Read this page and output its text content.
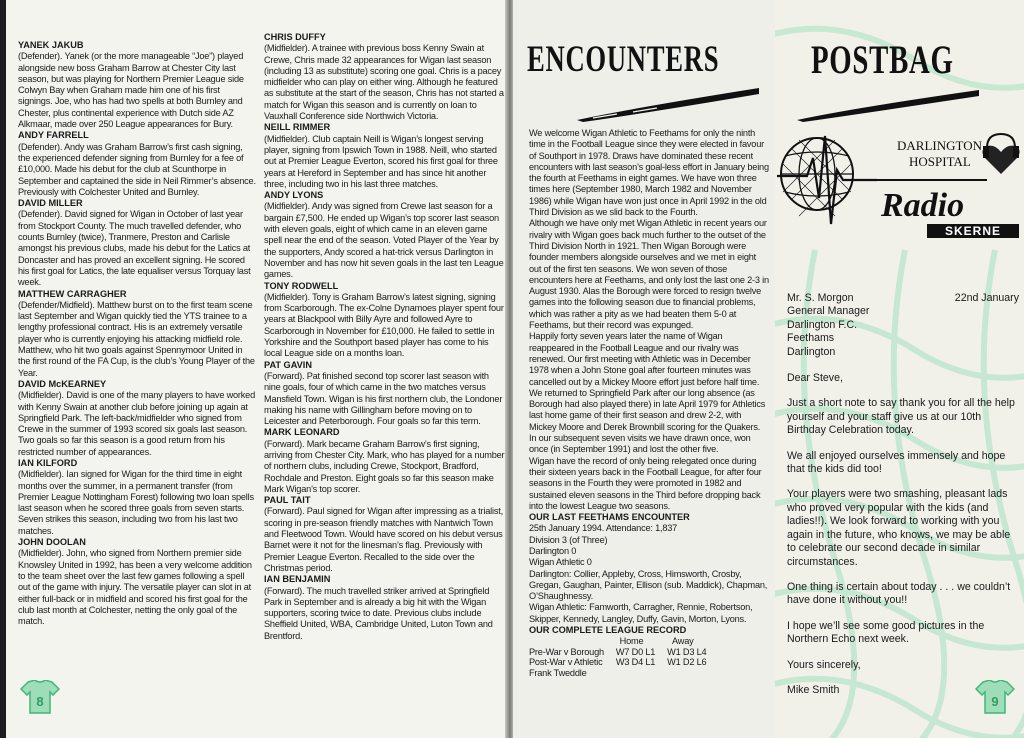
YANEK JAKUB

(Defender). Yanek (or the more manageable “Joe”) played alongside new boss Graham Barrow at Chester City last season, but was playing for Northern Premier League side Colwyn Bay when Graham made him one of his first signings. Joe, who has had two spells at both Burnley and Chester, plus continental experience with Dutch side AZ Alkmaar, made over 250 League appearances for Bury.

ANDY FARRELL

(Defender). Andy was Graham Barrow’s first cash signing, the experienced defender signing from Burnley for a fee of £10,000. Made his debut for the club at Scunthorpe in September and captained the side in Neil Rimmer’s absence. Previously with Colchester United and Burnley.

DAVID MILLER

(Defender). David signed for Wigan in October of last year from Stockport County. The much travelled defender, who counts Burnley (twice), Tranmere, Preston and Carlisle amongst his previous clubs, made his debut for the Latics at Doncaster and has proved an excellent signing. He scored his first goal for Latics, the late equaliser versus Torquay last week.

MATTHEW CARRAGHER

(Defender/Midfield). Matthew burst on to the first team scene last September and Wigan quickly tied the YTS trainee to a lengthy professional contract. His is an extremely versatile player who is currently enjoying his attacking midfield role. Matthew, who hit two goals against Spennymoor United in the first round of the FA Cup, is the club’s Young Player of the Year.

DAVID McKEARNEY

(Midfielder). David is one of the many players to have worked with Kenny Swain at another club before joining up again at Springfield Park. The left-back/midfielder who signed from Crewe in the summer of 1993 scored six goals last season. Two goals so far this season is a good return from his restricted number of appearances.

IAN KILFORD

(Midfielder). Ian signed for Wigan for the third time in eight months over the summer, in a permanent transfer (from Premier League Nottingham Forest) following two loan spells last season when he scored three goals from seven starts. Seven strikes this season, including two from his last two matches.

JOHN DOOLAN

(Midfielder). John, who signed from Northern premier side Knowsley United in 1992, has been a very welcome addition to the team sheet over the last few games following a spell out of the game with injury. The versatile player can slot in at either full-back or in midfield and scored his first goal for the club last month at Colchester, netting the only goal of the match.

CHRIS DUFFY

(Midfielder). A trainee with previous boss Kenny Swain at Crewe, Chris made 32 appearances for Wigan last season (including 13 as substitute) scoring one goal. Chris is a pacey midfielder who can play on either wing. Although he featured as substitute at the start of the season, Chris has not started a match for Wigan this season and is currently on loan to Vauxhall Conference side Northwich Victoria.

NEILL RIMMER

(Midfielder). Club captain Neill is Wigan’s longest serving player, signing from Ipswich Town in 1988. Neill, who started out at Premier League Everton, scored his first goal for three years at Hereford in September and has since hit another three, including two in his last three matches.

ANDY LYONS

(Midfielder). Andy was signed from Crewe last season for a bargain £7,500. He ended up Wigan’s top scorer last season with eleven goals, eight of which came in an eleven game spell near the end of the season. Voted Player of the Year by the supporters, Andy scored a hat-trick versus Darlington in November and has now hit seven goals in the last ten League games.

TONY RODWELL

(Midfielder). Tony is Graham Barrow’s latest signing, signing from Scarborough. The ex-Colne Dynamoes player spent four years at Blackpool with Billy Ayre and followed Ayre to Scarborough in November for £10,000. He failed to settle in Yorkshire and the Southport based player has come to his local League side on a months loan.

PAT GAVIN

(Forward). Pat finished second top scorer last season with nine goals, four of which came in the two matches versus Mansfield Town. Wigan is his first northern club, the Londoner making his name with Gillingham before moving on to Leicester and Peterborough. Four goals so far this term.

MARK LEONARD

(Forward). Mark became Graham Barrow’s first signing, arriving from Chester City. Mark, who has played for a number of northern clubs, including Crewe, Stockport, Bradford, Rochdale and Preston. Eight goals so far this season make Mark Wigan’s top scorer.

PAUL TAIT

(Forward). Paul signed for Wigan after impressing as a trialist, scoring in pre-season friendly matches with Nantwich Town and Fleetwood Town. Would have scored on his debut versus Barnet were it not for the linesman’s flag. Previously with Premier League Everton. Recalled to the side over the Christmas period.

IAN BENJAMIN

(Forward). The much travelled striker arrived at Springfield Park in September and is already a big hit with the Wigan supporters, scoring twice to date. Previous clubs include Sheffield United, WBA, Cambridge United, Luton Town and Brentford.

8
ENCOUNTERS

We welcome Wigan Athletic to Feethams for only the ninth time in the Football League since they were elected in favour of Southport in 1978. Draws have dominated these recent encounters with last season’s goal-less effort in January being the fourth at Feethams in eight games. We have won three times here (September 1980, March 1982 and November 1986) while Wigan have won just once in April 1992 in the old Third Division as we slid back to the Fourth.

Although we have only met Wigan Athletic in recent years our rivalry with Wigan goes back much further to the outset of the Third Division North in 1921. Then Wigan Borough were founder members alongside ourselves and we met in eight out of the first ten seasons. We won seven of those encounters here at Feethams, and only lost the last one 2-3 in August 1930. Alas the Borough were forced to resign twelve games into the following season due to financial problems, which was rather a pity as we had beaten them 5-0 at Feethams, but their record was expunged.

Happily forty seven years later the name of Wigan reappeared in the Football League and our rivalry was renewed. Our first meeting with Athletic was in December 1978 when a John Stone goal after fourteen minutes was cancelled out by a Mickey Moore effort just before half time. We returned to Springfield Park after our long absence (as Borough had also played there) in late April 1979 for Athletics last home game of their first season and drew 2-2, with Mickey Moore and Derek Brownbill scoring for the Quakers. In our subsequent seven visits we have drawn once, won once (in September 1991) and lost the other five.

Wigan have the record of only being relegated once during their sixteen years back in the Football League, for after four seasons in the Fourth they were promoted in 1982 and sustained eleven seasons in the Third before dropping back into the lowest League two seasons.

OUR LAST FEETHAMS ENCOUNTER

25th January 1994. Attendance: 1,837

Division 3 (of Three)

Darlington 0

Wigan Athletic 0

Darlington: Collier, Appleby, Cross, Himsworth, Crosby, Gregan, Gaughan, Painter, Ellison (sub. Maddick), Chapman, O’Shaughnessy.

Wigan Athletic: Famworth, Carragher, Rennie, Robertson, Skipper, Kennedy, Langley, Duffy, Gavin, Morton, Lyons.

OUR COMPLETE LEAGUE RECORD

	Home	Away
Pre-War v Borough	W7 D0 L1	W1 D3 L4
Post-War v Athletic	W3 D4 L1	W1 D2 L6
Frank Tweddle		
POSTBAG
DARLINGTON
HOSPITAL
Radio
SKERNE
22nd January

Mr. S. Morgon

General Manager

Darlington F.C.

Feethams

Darlington

Dear Steve,

Just a short note to say thank you for all the help yourself and your staff give us at our 10th Birthday Celebration today.

We all enjoyed ourselves immensely and hope that the kids did too!

Your players were two smashing, pleasant lads who proved very popular with the kids (and ladies!!). We look forward to working with you again in the future, who knows, we may be able to celebrate our second decade in similar circumstances.

One thing is certain about today . . . we couldn’t have done it without you!!

I hope we’ll see some good pictures in the Northern Echo next week.

Yours sincerely,

Mike Smith

9
